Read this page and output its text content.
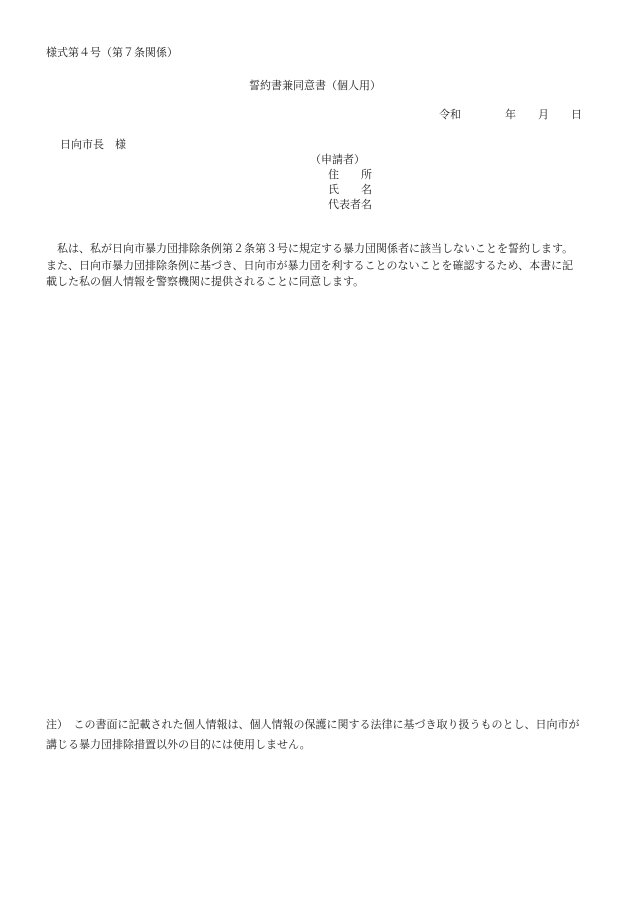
様式第４号（第７条関係）
誓約書兼同意書（個人用）
令和	年 月 日
日向市長　様
（申請者）
住　　所
氏　　名
代表者名

私は、私が日向市暴力団排除条例第２条第３号に規定する暴力団関係者に該当しないことを誓約します。

また、日向市暴力団排除条例に基づき、日向市が暴力団を利することのないことを確認するため、本書に記載した私の個人情報を警察機関に提供されることに同意します。

注）　この書面に記載された個人情報は、個人情報の保護に関する法律に基づき取り扱うものとし、日向市が講じる暴力団排除措置以外の目的には使用しません。
